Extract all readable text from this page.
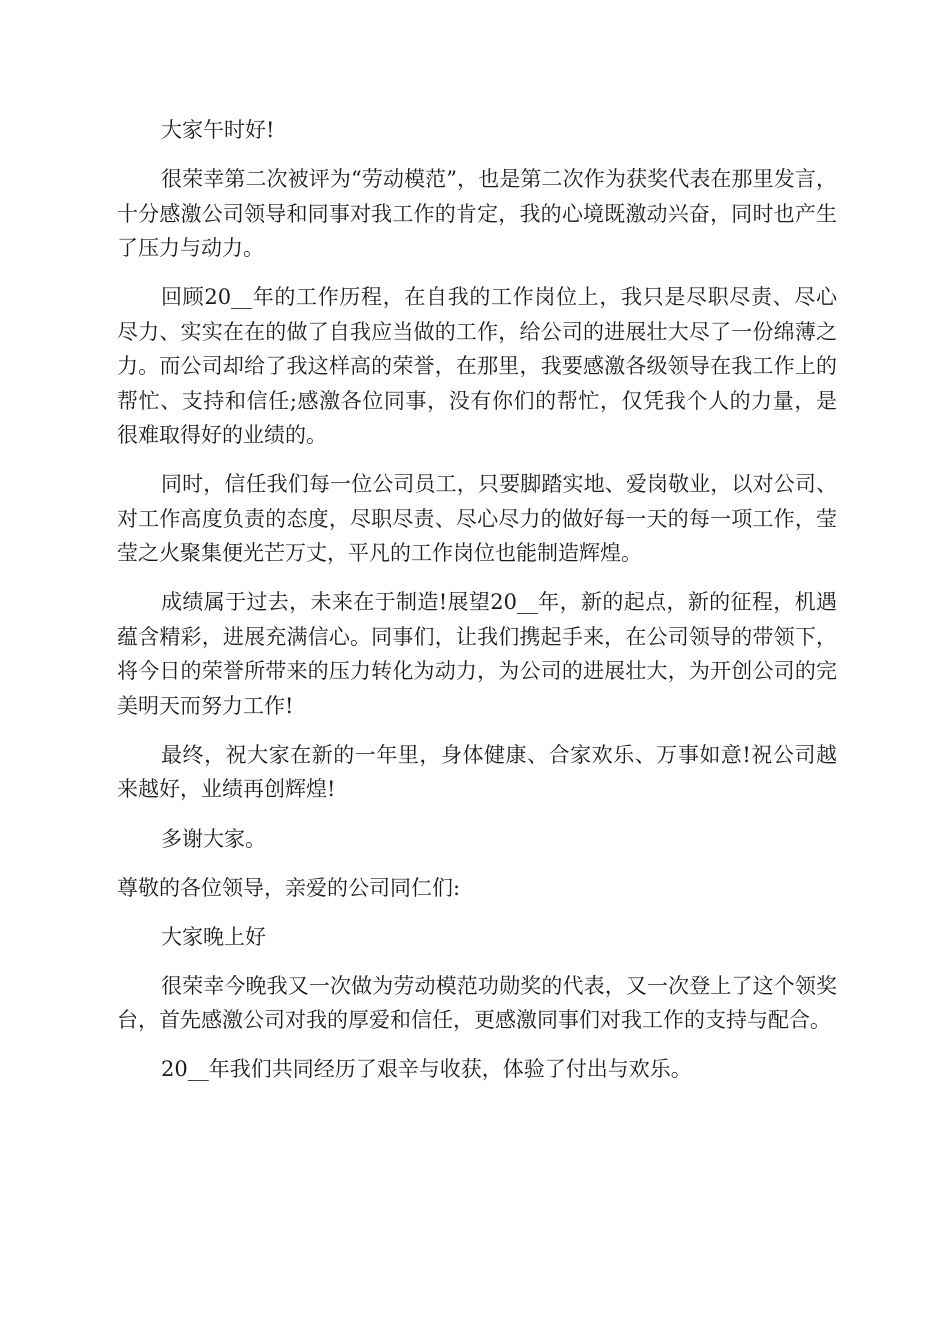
大家午时好!

很荣幸第二次被评为“劳动模范”，也是第二次作为获奖代表在那里发言，十分感激公司领导和同事对我工作的肯定，我的心境既激动兴奋，同时也产生了压力与动力。

回顾20__年的工作历程，在自我的工作岗位上，我只是尽职尽责、尽心尽力、实实在在的做了自我应当做的工作，给公司的进展壮大尽了一份绵薄之力。而公司却给了我这样高的荣誉，在那里，我要感激各级领导在我工作上的帮忙、支持和信任;感激各位同事，没有你们的帮忙，仅凭我个人的力量，是很难取得好的业绩的。

同时，信任我们每一位公司员工，只要脚踏实地、爱岗敬业，以对公司、对工作高度负责的态度，尽职尽责、尽心尽力的做好每一天的每一项工作，莹莹之火聚集便光芒万丈，平凡的工作岗位也能制造辉煌。

成绩属于过去，未来在于制造!展望20__年，新的起点，新的征程，机遇蕴含精彩，进展充满信心。同事们，让我们携起手来，在公司领导的带领下，将今日的荣誉所带来的压力转化为动力，为公司的进展壮大，为开创公司的完美明天而努力工作!

最终，祝大家在新的一年里，身体健康、合家欢乐、万事如意!祝公司越来越好，业绩再创辉煌!

多谢大家。

尊敬的各位领导，亲爱的公司同仁们:

大家晚上好

很荣幸今晚我又一次做为劳动模范功勋奖的代表，又一次登上了这个领奖台，首先感激公司对我的厚爱和信任，更感激同事们对我工作的支持与配合。

20__年我们共同经历了艰辛与收获，体验了付出与欢乐。
